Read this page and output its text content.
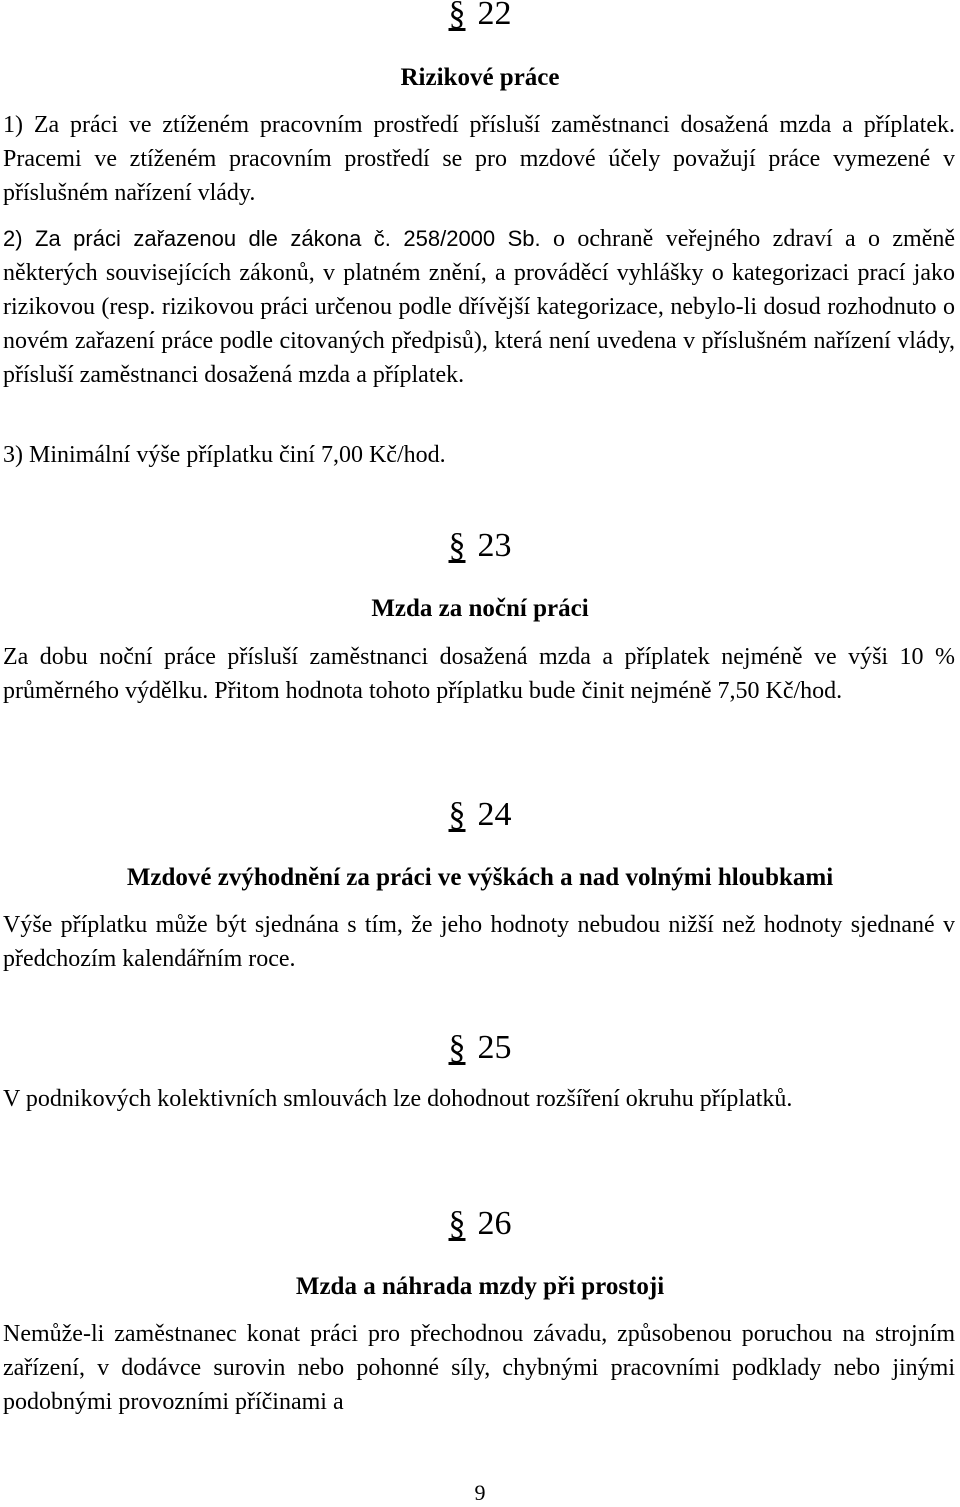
§ 22
Rizikové práce

1) Za práci ve ztíženém pracovním prostředí přísluší zaměstnanci dosažená mzda a příplatek. Pracemi ve ztíženém pracovním prostředí se pro mzdové účely považují práce vymezené v příslušném nařízení vlády.

2) Za práci zařazenou dle zákona č. 258/2000 Sb. o ochraně veřejného zdraví a o změně některých souvisejících zákonů, v platném znění, a prováděcí vyhlášky o kategorizaci prací jako rizikovou (resp. rizikovou práci určenou podle dřívější kategorizace, nebylo-li dosud rozhodnuto o novém zařazení práce podle citovaných předpisů), která není uvedena v příslušném nařízení vlády, přísluší zaměstnanci dosažená mzda a příplatek.

3) Minimální výše příplatku činí 7,00 Kč/hod.

§ 23
Mzda za noční práci

Za dobu noční práce přísluší zaměstnanci dosažená mzda a příplatek nejméně ve výši 10 % průměrného výdělku. Přitom hodnota tohoto příplatku bude činit nejméně 7,50 Kč/hod.

§ 24
Mzdové zvýhodnění za práci ve výškách a nad volnými hloubkami

Výše příplatku může být sjednána s tím, že jeho hodnoty nebudou nižší než hodnoty sjednané v předchozím kalendářním roce.

§ 25

V podnikových kolektivních smlouvách lze dohodnout rozšíření okruhu příplatků.

§ 26
Mzda a náhrada mzdy při prostoji

Nemůže-li zaměstnanec konat práci pro přechodnou závadu, způsobenou poruchou na strojním zařízení, v dodávce surovin nebo pohonné síly, chybnými pracovními podklady nebo jinými podobnými provozními příčinami a

9
